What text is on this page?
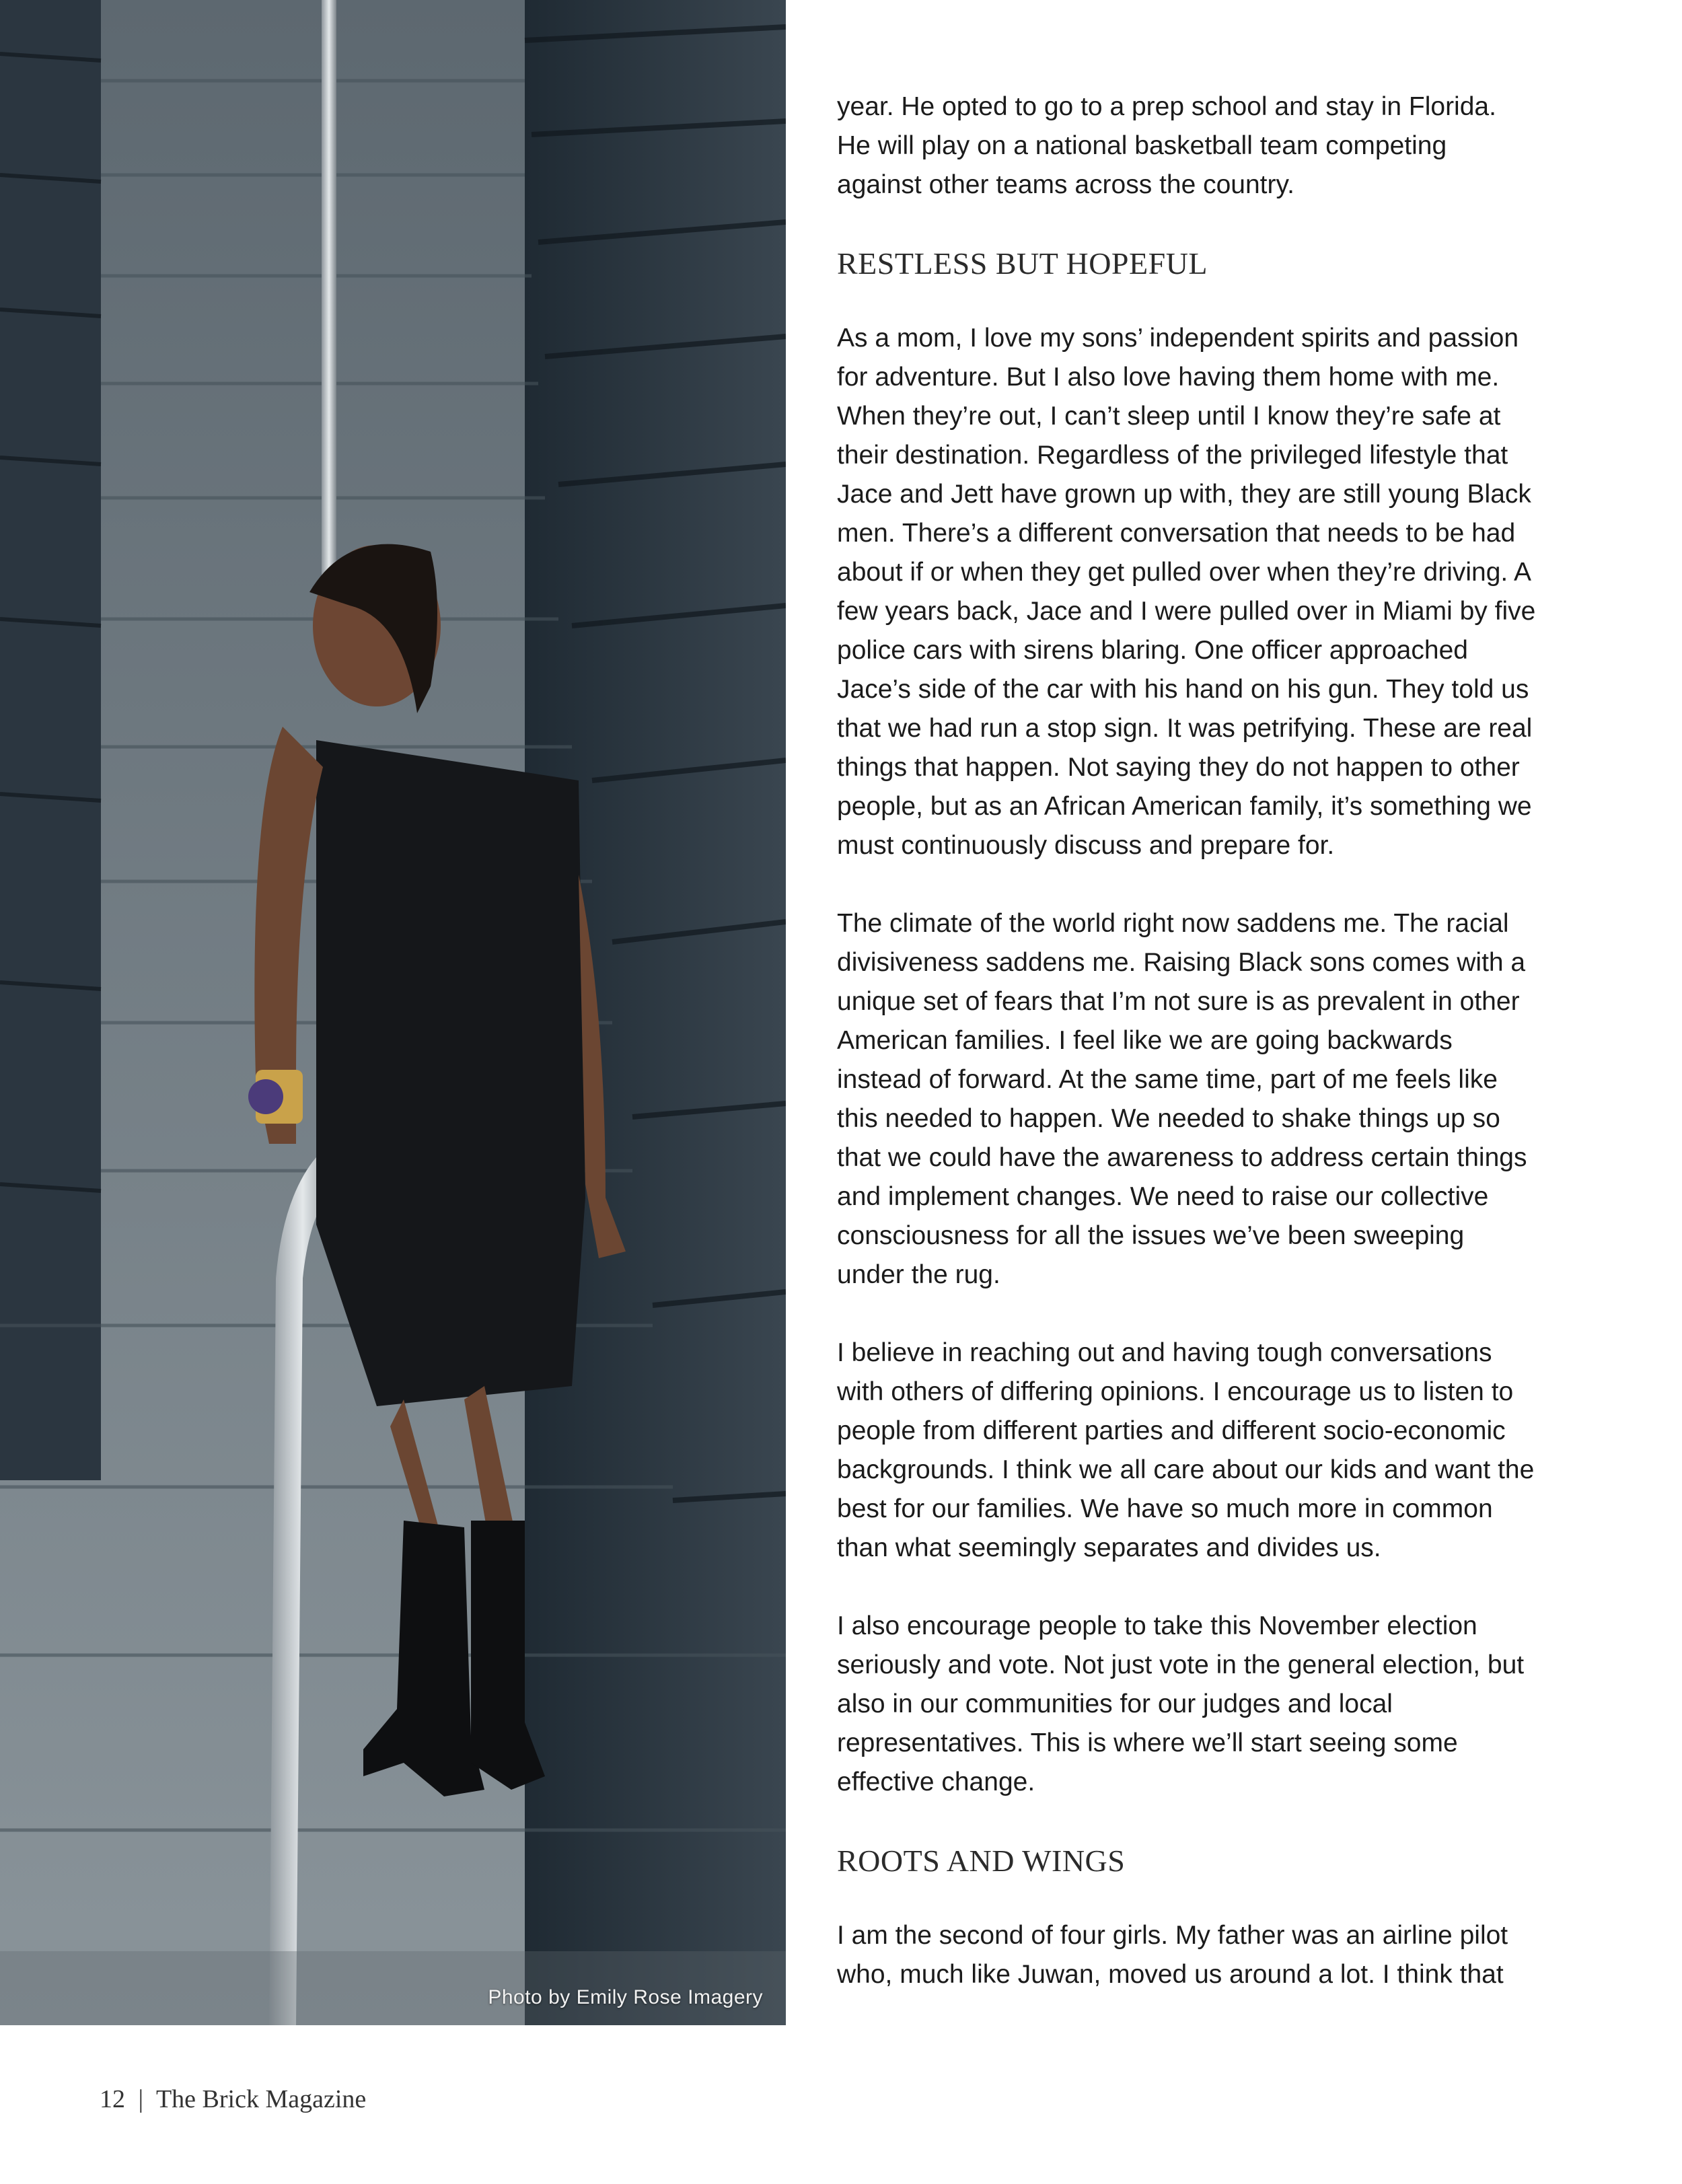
Photo by Emily Rose Imagery

year. He opted to go to a prep school and stay in Florida. He will play on a national basketball team competing against other teams across the country.

RESTLESS BUT HOPEFUL

As a mom, I love my sons’ independent spirits and passion for adventure. But I also love having them home with me. When they’re out, I can’t sleep until I know they’re safe at their destination. Regardless of the privileged lifestyle that Jace and Jett have grown up with, they are still young Black men. There’s a different conversation that needs to be had about if or when they get pulled over when they’re driving. A few years back, Jace and I were pulled over in Miami by five police cars with sirens blaring. One officer approached Jace’s side of the car with his hand on his gun. They told us that we had run a stop sign. It was petrifying. These are real things that happen. Not saying they do not happen to other people, but as an African American family, it’s something we must continuously discuss and prepare for.

The climate of the world right now saddens me. The racial divisiveness saddens me. Raising Black sons comes with a unique set of fears that I’m not sure is as prevalent in other American families. I feel like we are going backwards instead of forward. At the same time, part of me feels like this needed to happen. We needed to shake things up so that we could have the awareness to address certain things and implement changes. We need to raise our collective consciousness for all the issues we’ve been sweeping under the rug.

I believe in reaching out and having tough conversations with others of differing opinions. I encourage us to listen to people from different parties and different socio-economic backgrounds. I think we all care about our kids and want the best for our families. We have so much more in common than what seemingly separates and divides us.

I also encourage people to take this November election seriously and vote. Not just vote in the general election, but also in our communities for our judges and local representatives. This is where we’ll start seeing some effective change.

ROOTS AND WINGS

I am the second of four girls. My father was an airline pilot who, much like Juwan, moved us around a lot. I think that

12 | The Brick Magazine
